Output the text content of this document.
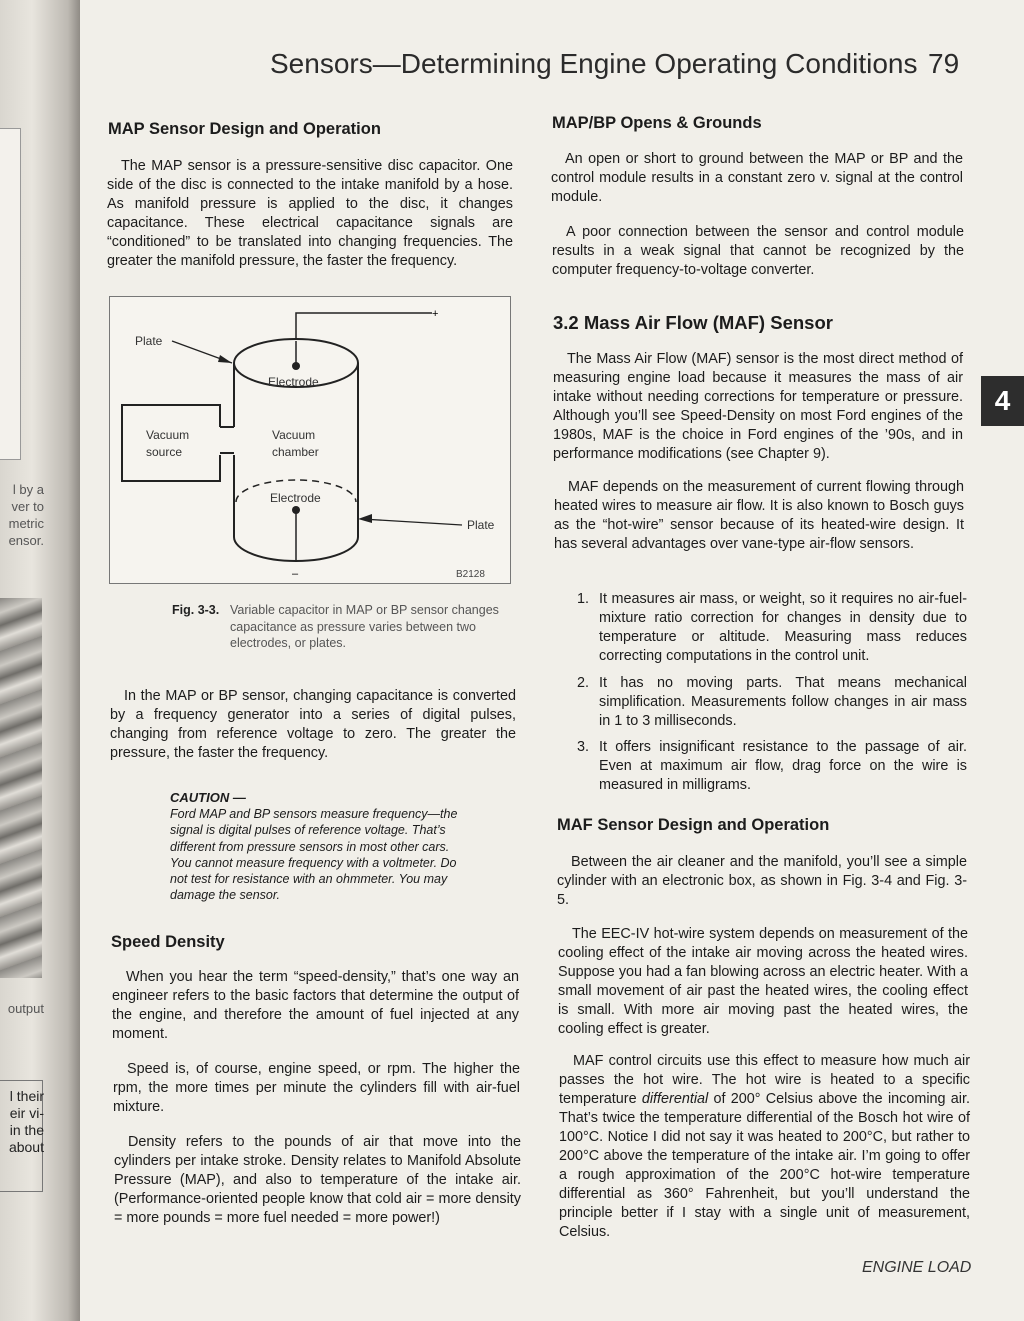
l by a
ver to
metric
ensor.
output
l their
eir vi-
in the
about
Sensors—Determining Engine Operating Conditions 79
MAP Sensor Design and Operation

The MAP sensor is a pressure-sensitive disc capacitor. One side of the disc is connected to the intake manifold by a hose. As manifold pressure is applied to the disc, it changes capacitance. These electrical capacitance signals are “conditioned” to be translated into changing frequencies. The greater the manifold pressure, the faster the frequency.

+
–
Plate
Electrode
Vacuum
source
Vacuum
chamber
Electrode
Plate
B2128
Fig. 3-3. Variable capacitor in MAP or BP sensor changes capacitance as pressure varies between two electrodes, or plates.

In the MAP or BP sensor, changing capacitance is converted by a frequency generator into a series of digital pulses, changing from reference voltage to zero. The greater the pressure, the faster the frequency.

CAUTION —
Ford MAP and BP sensors measure frequency—the signal is digital pulses of reference voltage. That’s different from pressure sensors in most other cars. You cannot measure frequency with a voltmeter. Do not test for resistance with an ohmmeter. You may damage the sensor.
Speed Density

When you hear the term “speed-density,” that’s one way an engineer refers to the basic factors that determine the output of the engine, and therefore the amount of fuel injected at any moment.

Speed is, of course, engine speed, or rpm. The higher the rpm, the more times per minute the cylinders fill with air-fuel mixture.

Density refers to the pounds of air that move into the cylinders per intake stroke. Density relates to Manifold Absolute Pressure (MAP), and also to temperature of the intake air. (Performance-oriented people know that cold air = more density = more pounds = more fuel needed = more power!)

MAP/BP Opens & Grounds

An open or short to ground between the MAP or BP and the control module results in a constant zero v. signal at the control module.

A poor connection between the sensor and control module results in a weak signal that cannot be recognized by the computer frequency-to-voltage converter.

3.2 Mass Air Flow (MAF) Sensor

The Mass Air Flow (MAF) sensor is the most direct method of measuring engine load because it measures the mass of air intake without needing corrections for temperature or pressure. Although you’ll see Speed-Density on most Ford engines of the 1980s, MAF is the choice in Ford engines of the ’90s, and in performance modifications (see Chapter 9).

MAF depends on the measurement of current flowing through heated wires to measure air flow. It is also known to Bosch guys as the “hot-wire” sensor because of its heated-wire design. It has several advantages over vane-type air-flow sensors.

1. It measures air mass, or weight, so it requires no air-fuel-mixture ratio correction for changes in density due to temperature or altitude. Measuring mass reduces correcting computations in the control unit.
2. It has no moving parts. That means mechanical simplification. Measurements follow changes in air mass in 1 to 3 milliseconds.
3. It offers insignificant resistance to the passage of air. Even at maximum air flow, drag force on the wire is measured in milligrams.
MAF Sensor Design and Operation

Between the air cleaner and the manifold, you’ll see a simple cylinder with an electronic box, as shown in Fig. 3-4 and Fig. 3-5.

The EEC-IV hot-wire system depends on measurement of the cooling effect of the intake air moving across the heated wires. Suppose you had a fan blowing across an electric heater. With a small movement of air past the heated wires, the cooling effect is small. With more air moving past the heated wires, the cooling effect is greater.

MAF control circuits use this effect to measure how much air passes the hot wire. The hot wire is heated to a specific temperature differential of 200° Celsius above the incoming air. That’s twice the temperature differential of the Bosch hot wire of 100°C. Notice I did not say it was heated to 200°C, but rather to 200°C above the temperature of the intake air. I’m going to offer a rough approximation of the 200°C hot-wire temperature differential as 360° Fahrenheit, but you’ll understand the principle better if I stay with a single unit of measurement, Celsius.

4
ENGINE LOAD
